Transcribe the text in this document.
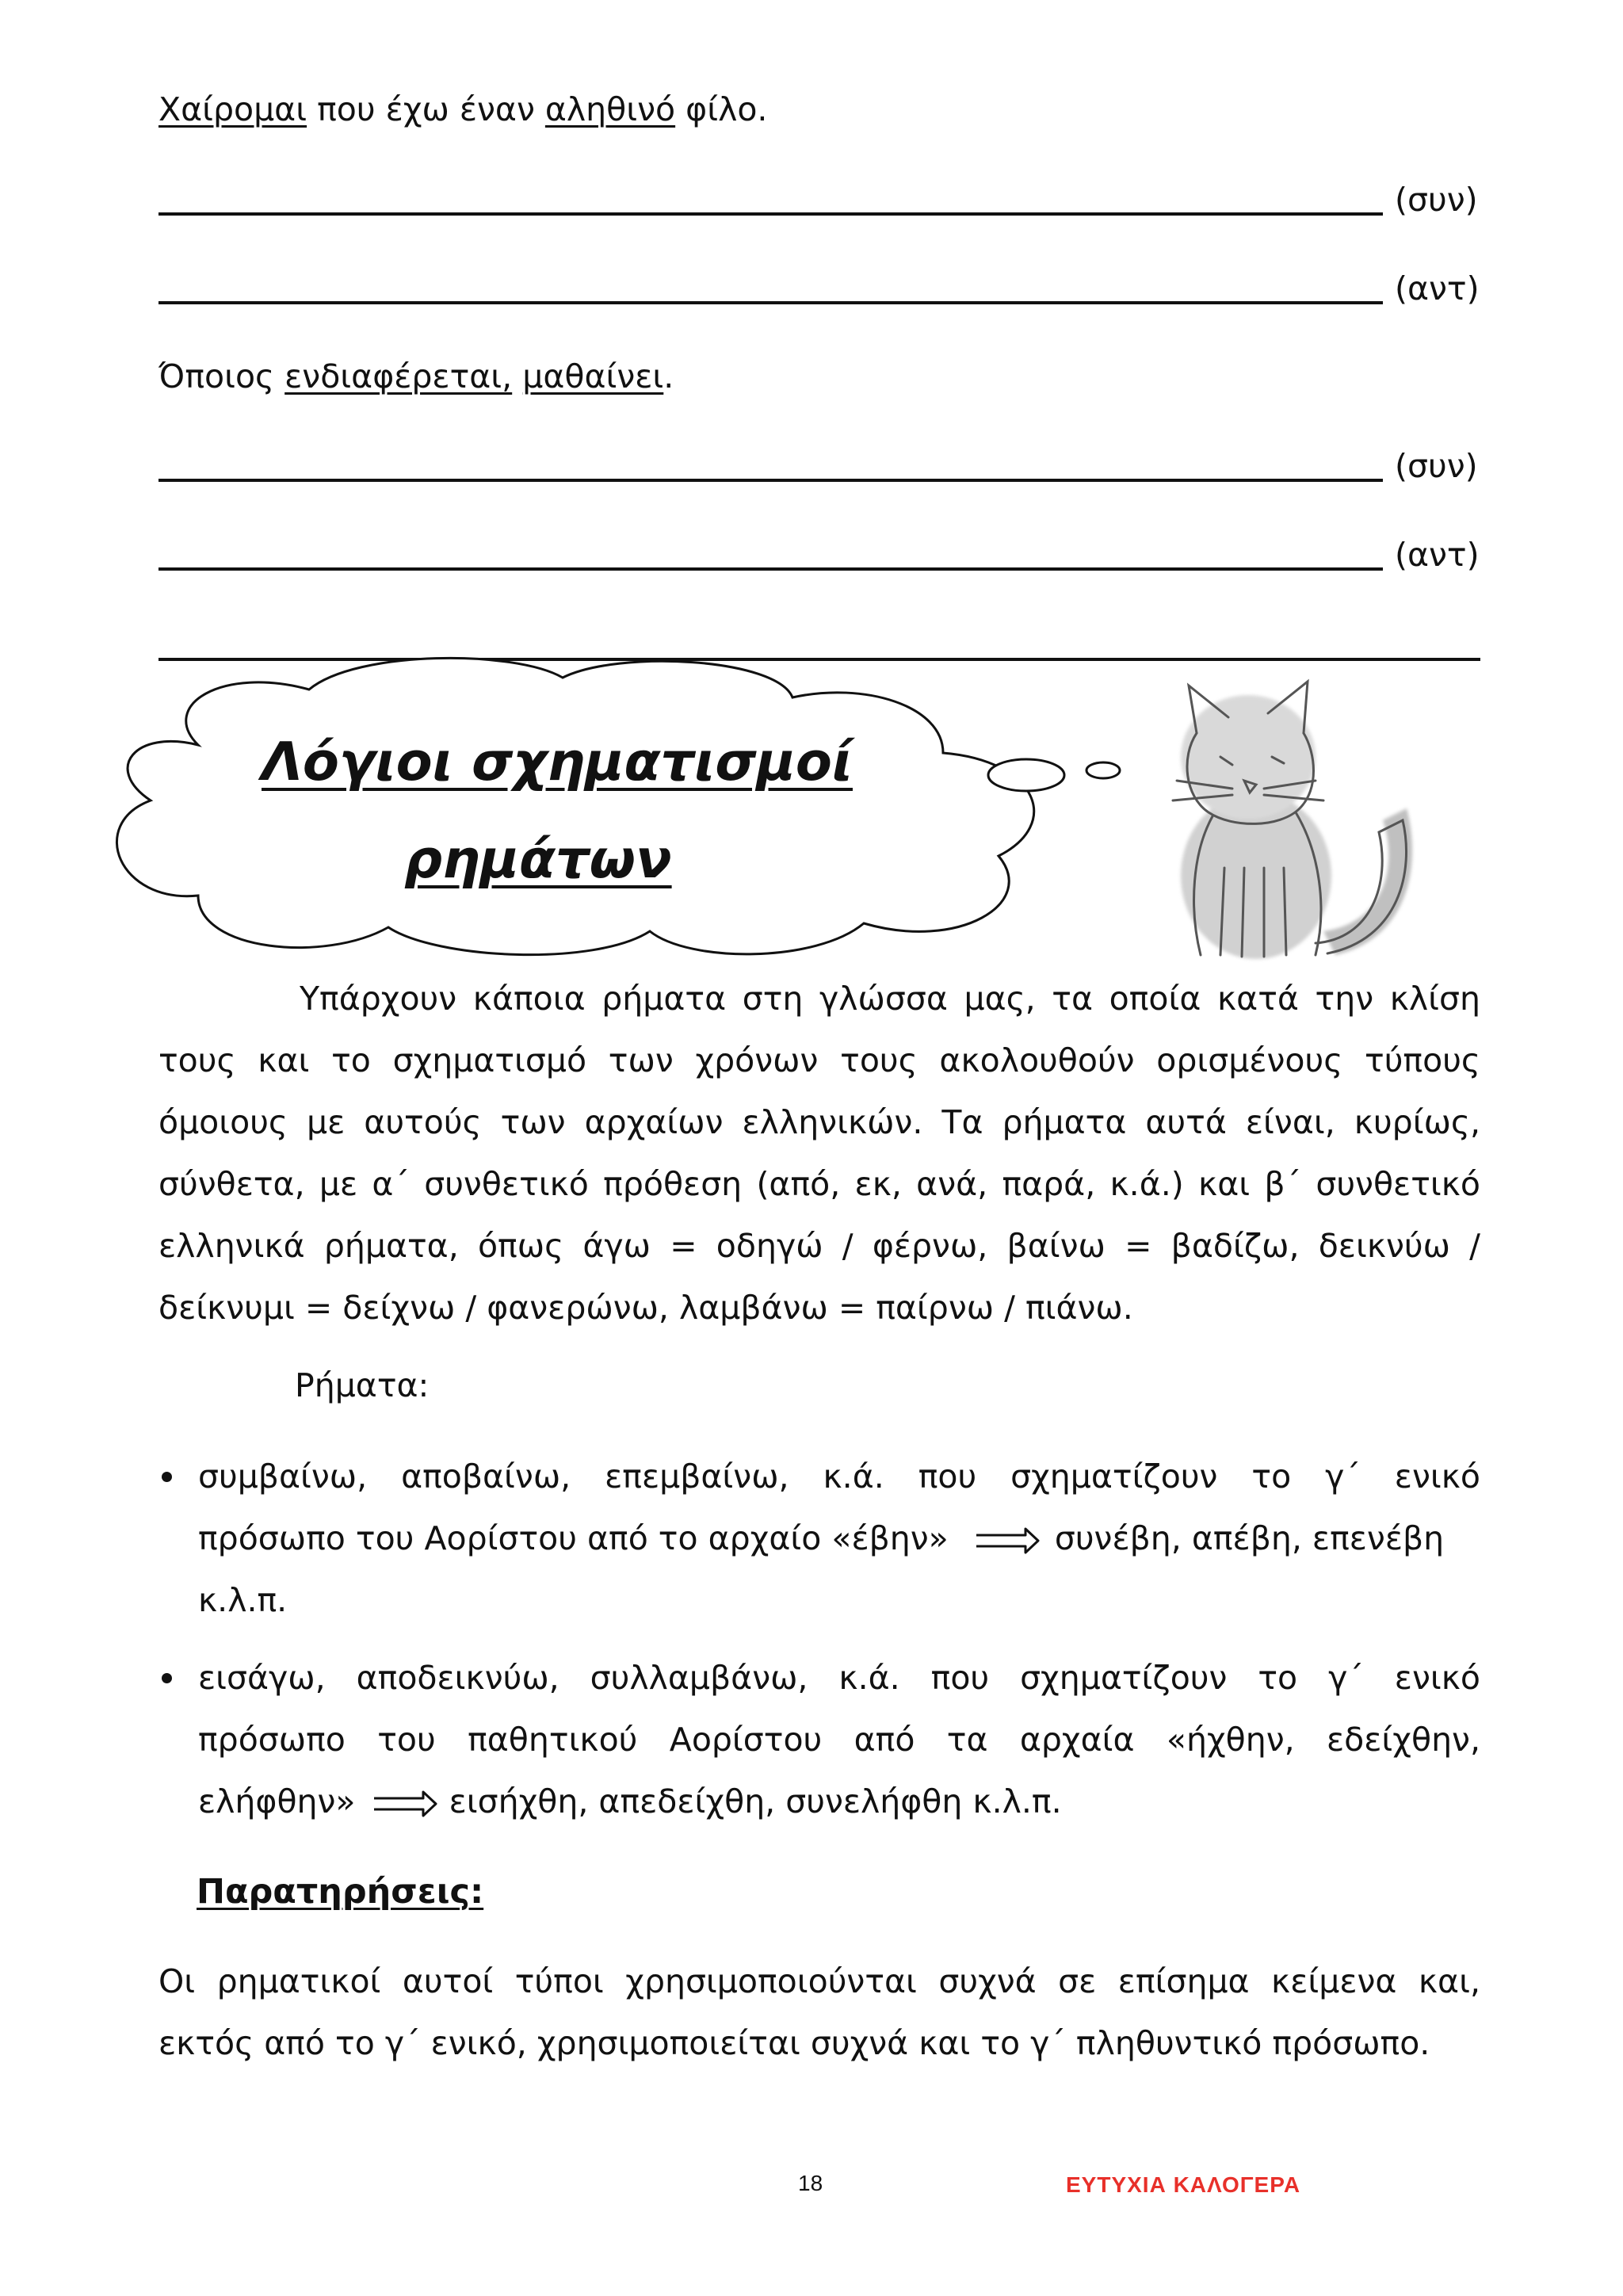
Χαίρομαι που έχω έναν αληθινό φίλο.
(συν)
(αντ)
Όποιος ενδιαφέρεται, μαθαίνει.
(συν)
(αντ)
Λόγιοι σχηματισμοί
ρημάτων
Υπάρχουν κάποια ρήματα στη γλώσσα μας, τα οποία κατά την κλίση
τους και το σχηματισμό των χρόνων τους ακολουθούν ορισμένους τύπους
όμοιους με αυτούς των αρχαίων ελληνικών. Τα ρήματα αυτά είναι, κυρίως,
σύνθετα, με α΄ συνθετικό πρόθεση (από, εκ, ανά, παρά, κ.ά.) και β΄ συνθετικό
ελληνικά ρήματα, όπως άγω = οδηγώ / φέρνω, βαίνω = βαδίζω, δεικνύω /
δείκνυμι = δείχνω / φανερώνω, λαμβάνω = παίρνω / πιάνω.
Ρήματα:
συμβαίνω, αποβαίνω, επεμβαίνω, κ.ά. που σχηματίζουν το γ΄ ενικό
πρόσωπο του Αορίστου από το αρχαίο «έβην»	συνέβη, απέβη, επενέβη
κ.λ.π.
εισάγω, αποδεικνύω, συλλαμβάνω, κ.ά. που σχηματίζουν το γ΄ ενικό
πρόσωπο του παθητικού Αορίστου από τα αρχαία «ήχθην, εδείχθην,
ελήφθην»	εισήχθη, απεδείχθη, συνελήφθη κ.λ.π.
Παρατηρήσεις:
Οι ρηματικοί αυτοί τύποι χρησιμοποιούνται συχνά σε επίσημα κείμενα και,
εκτός από το γ΄ ενικό, χρησιμοποιείται συχνά και το γ΄ πληθυντικό πρόσωπο.
18	ΕΥΤΥΧΙΑ ΚΑΛΟΓΕΡΑ
